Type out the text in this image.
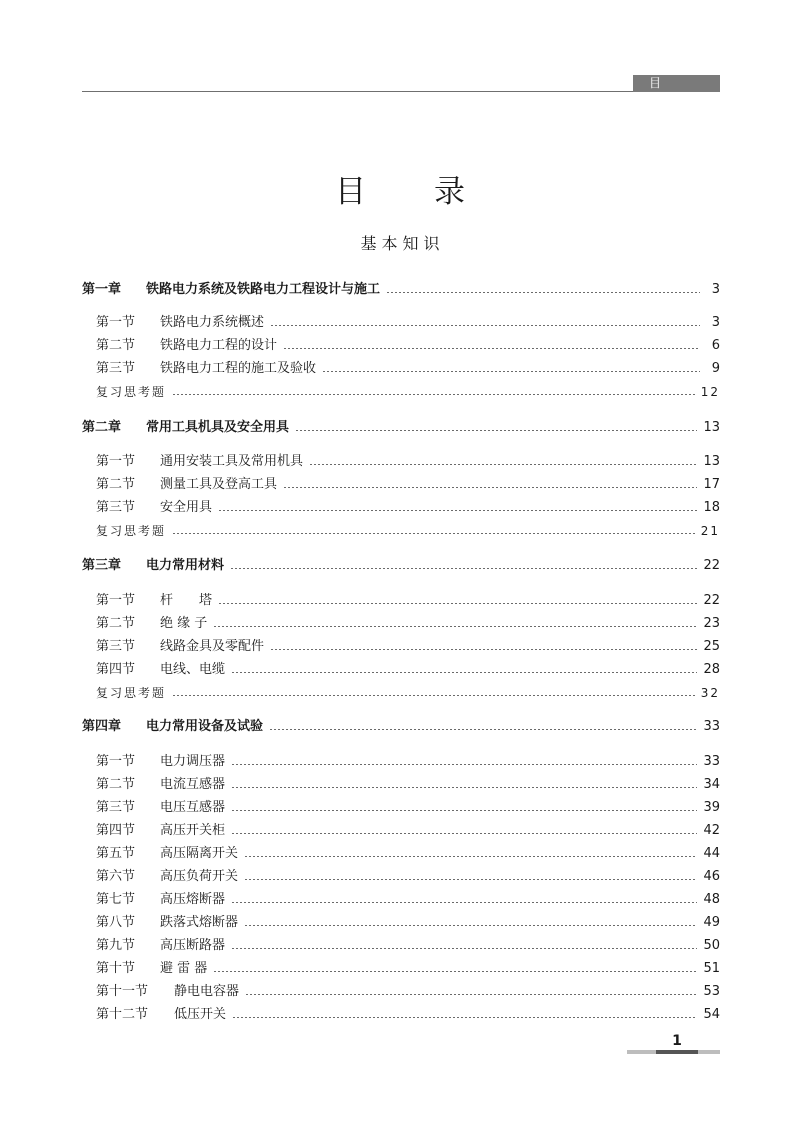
目　录
目录
基本知识
第一章	铁路电力系统及铁路电力工程设计与施工	3
第一节	铁路电力系统概述	3
第二节	铁路电力工程的设计	6
第三节	铁路电力工程的施工及验收	9
复习思考题	12
第二章	常用工具机具及安全用具	13
第一节	通用安装工具及常用机具	13
第二节	测量工具及登高工具	17
第三节	安全用具	18
复习思考题	21
第三章	电力常用材料	22
第一节	杆　　塔	22
第二节	绝 缘 子	23
第三节	线路金具及零配件	25
第四节	电线、电缆	28
复习思考题	32
第四章	电力常用设备及试验	33
第一节	电力调压器	33
第二节	电流互感器	34
第三节	电压互感器	39
第四节	高压开关柜	42
第五节	高压隔离开关	44
第六节	高压负荷开关	46
第七节	高压熔断器	48
第八节	跌落式熔断器	49
第九节	高压断路器	50
第十节	避 雷 器	51
第十一节	静电电容器	53
第十二节	低压开关	54
1
